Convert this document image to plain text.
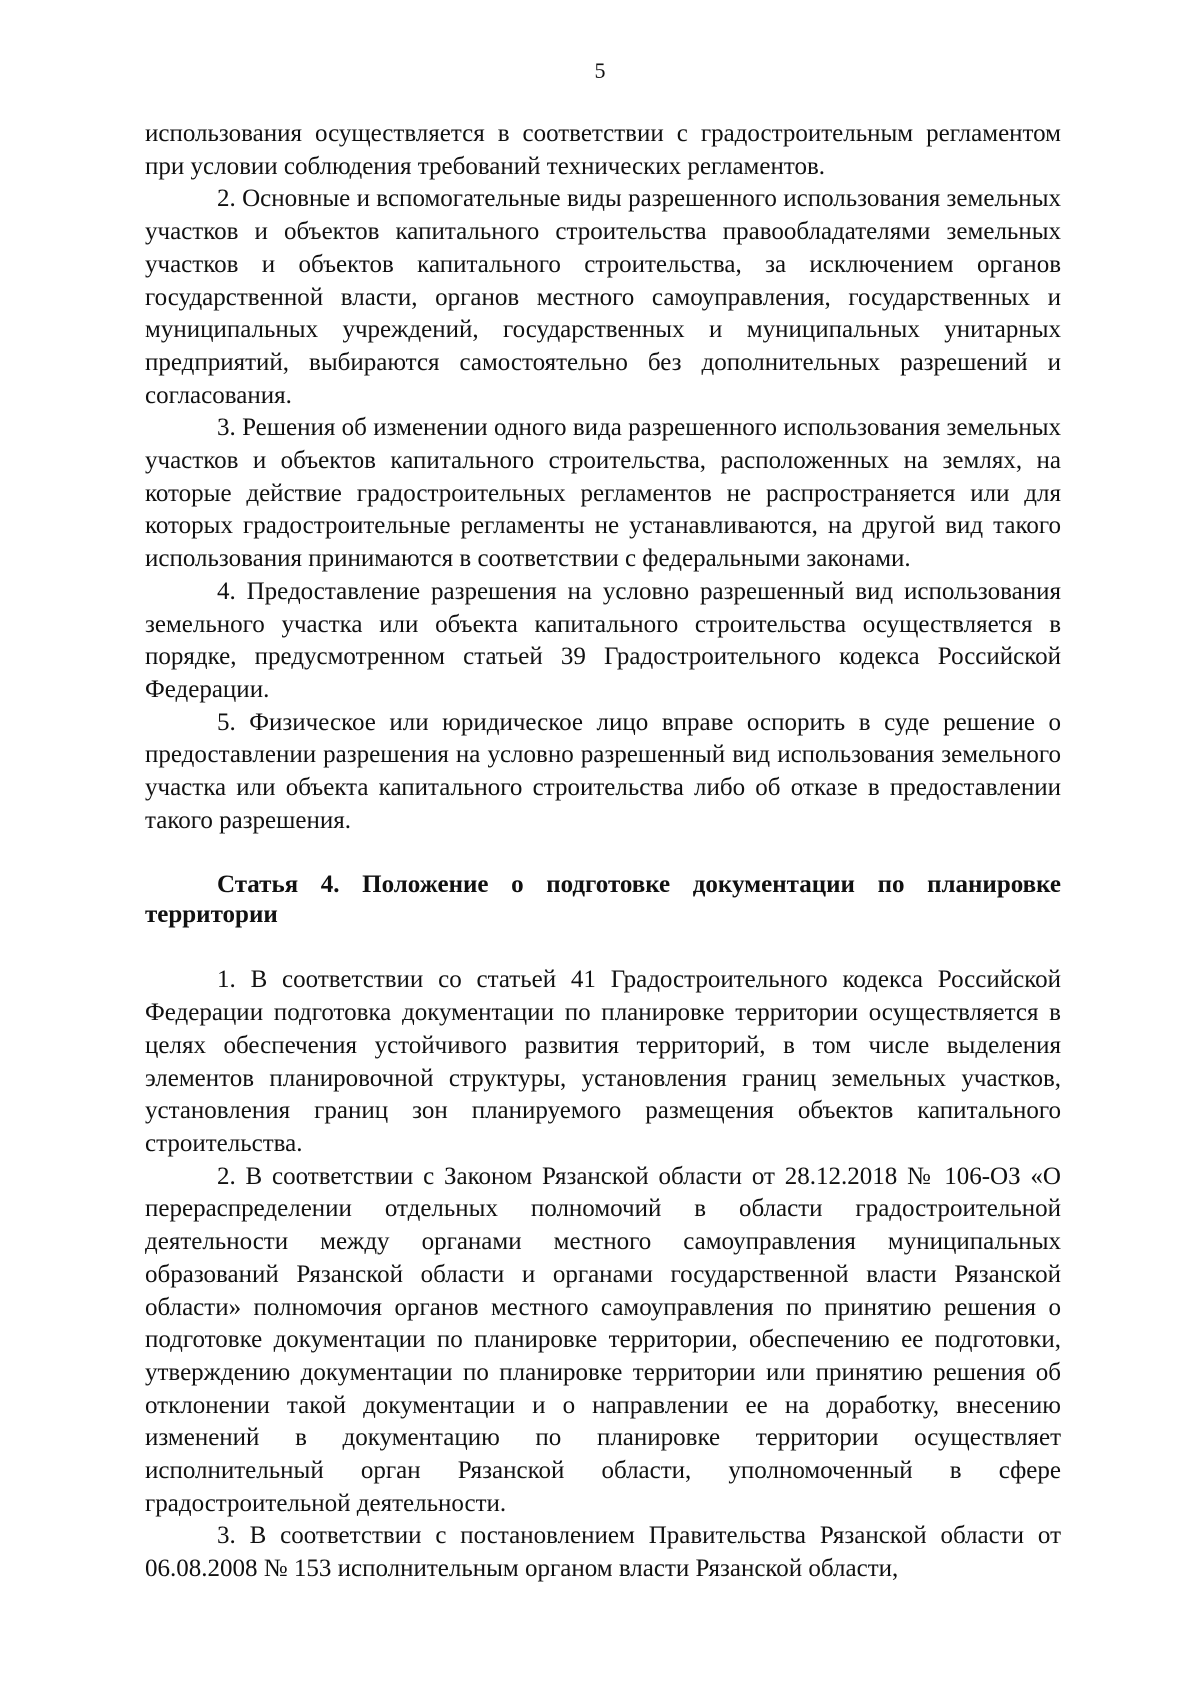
5

использования осуществляется в соответствии с градостроительным регламентом при условии соблюдения требований технических регламентов.

2. Основные и вспомогательные виды разрешенного использования земельных участков и объектов капитального строительства правообладателями земельных участков и объектов капитального строительства, за исключением органов государственной власти, органов местного самоуправления, государственных и муниципальных учреждений, государственных и муниципальных унитарных предприятий, выбираются самостоятельно без дополнительных разрешений и согласования.

3. Решения об изменении одного вида разрешенного использования земельных участков и объектов капитального строительства, расположенных на землях, на которые действие градостроительных регламентов не распространяется или для которых градостроительные регламенты не устанавливаются, на другой вид такого использования принимаются в соответствии с федеральными законами.

4. Предоставление разрешения на условно разрешенный вид использования земельного участка или объекта капитального строительства осуществляется в порядке, предусмотренном статьей 39 Градостроительного кодекса Российской Федерации.

5. Физическое или юридическое лицо вправе оспорить в суде решение о предоставлении разрешения на условно разрешенный вид использования земельного участка или объекта капитального строительства либо об отказе в предоставлении такого разрешения.

Статья 4. Положение о подготовке документации по планировке территории

1. В соответствии со статьей 41 Градостроительного кодекса Российской Федерации подготовка документации по планировке территории осуществляется в целях обеспечения устойчивого развития территорий, в том числе выделения элементов планировочной структуры, установления границ земельных участков, установления границ зон планируемого размещения объектов капитального строительства.

2. В соответствии с Законом Рязанской области от 28.12.2018 № 106-ОЗ «О перераспределении отдельных полномочий в области градостроительной деятельности между органами местного самоуправления муниципальных образований Рязанской области и органами государственной власти Рязанской области» полномочия органов местного самоуправления по принятию решения о подготовке документации по планировке территории, обеспечению ее подготовки, утверждению документации по планировке территории или принятию решения об отклонении такой документации и о направлении ее на доработку, внесению изменений в документацию по планировке территории осуществляет исполнительный орган Рязанской области, уполномоченный в сфере градостроительной деятельности.

3. В соответствии с постановлением Правительства Рязанской области от 06.08.2008 № 153 исполнительным органом власти Рязанской области,
